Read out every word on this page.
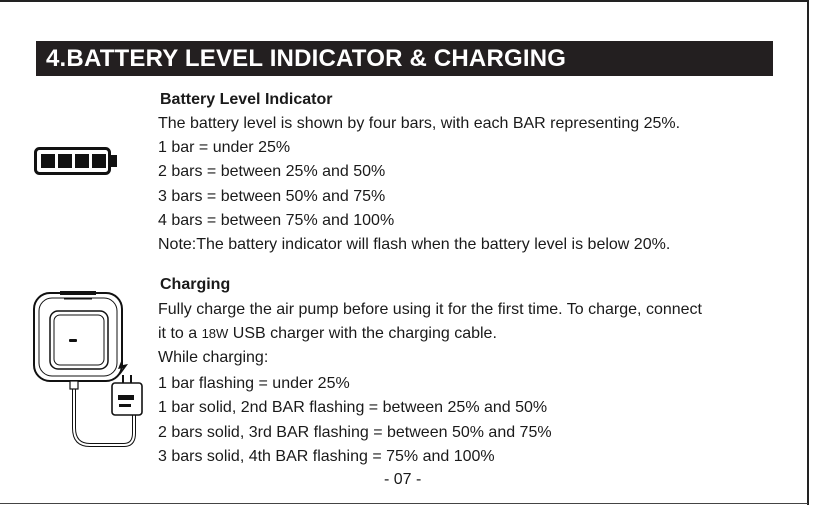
4.BATTERY LEVEL INDICATOR & CHARGING
Battery Level Indicator
The battery level is shown by four bars, with each BAR representing 25%.
1 bar = under 25%
2 bars = between 25% and 50%
3 bars = between 50% and 75%
4 bars = between 75% and 100%
Note:The battery indicator will flash when the battery level is below 20%.
Charging
Fully charge the air pump before using it for the first time. To charge, connect
it to a 18W USB charger with the charging cable.
While charging:
1 bar flashing = under 25%
1 bar solid, 2nd BAR flashing = between 25% and 50%
2 bars solid, 3rd BAR flashing = between 50% and 75%
3 bars solid, 4th BAR flashing = 75% and 100%
- 07 -
